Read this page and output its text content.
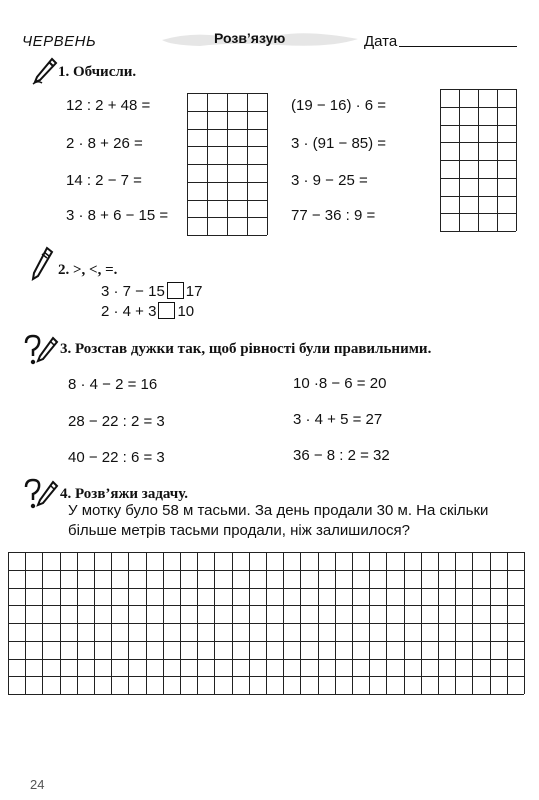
ЧЕРВЕНЬ	Розв’язую	Дата
1. Обчисли.
12 : 2 + 48 =
2 · 8 + 26 =
14 : 2 − 7 =
3 · 8 + 6 − 15 =
(19 − 16) · 6 =
3 · (91 − 85) =
3 · 9 − 25 =
77 − 36 : 9 =
2. >, <, =.
3 · 7 − 15 17
2 · 4 + 3 10
3. Розстав дужки так, щоб рівності були правильними.
8 · 4 − 2 = 16
28 − 22 : 2 = 3
40 − 22 : 6 = 3
10 ·8 − 6 = 20
3 · 4 + 5 = 27
36 − 8 : 2 = 32
4. Розв’яжи задачу.
У мотку було 58 м тасьми. За день продали 30 м. На скільки
більше метрів тасьми продали, ніж залишилося?
24
